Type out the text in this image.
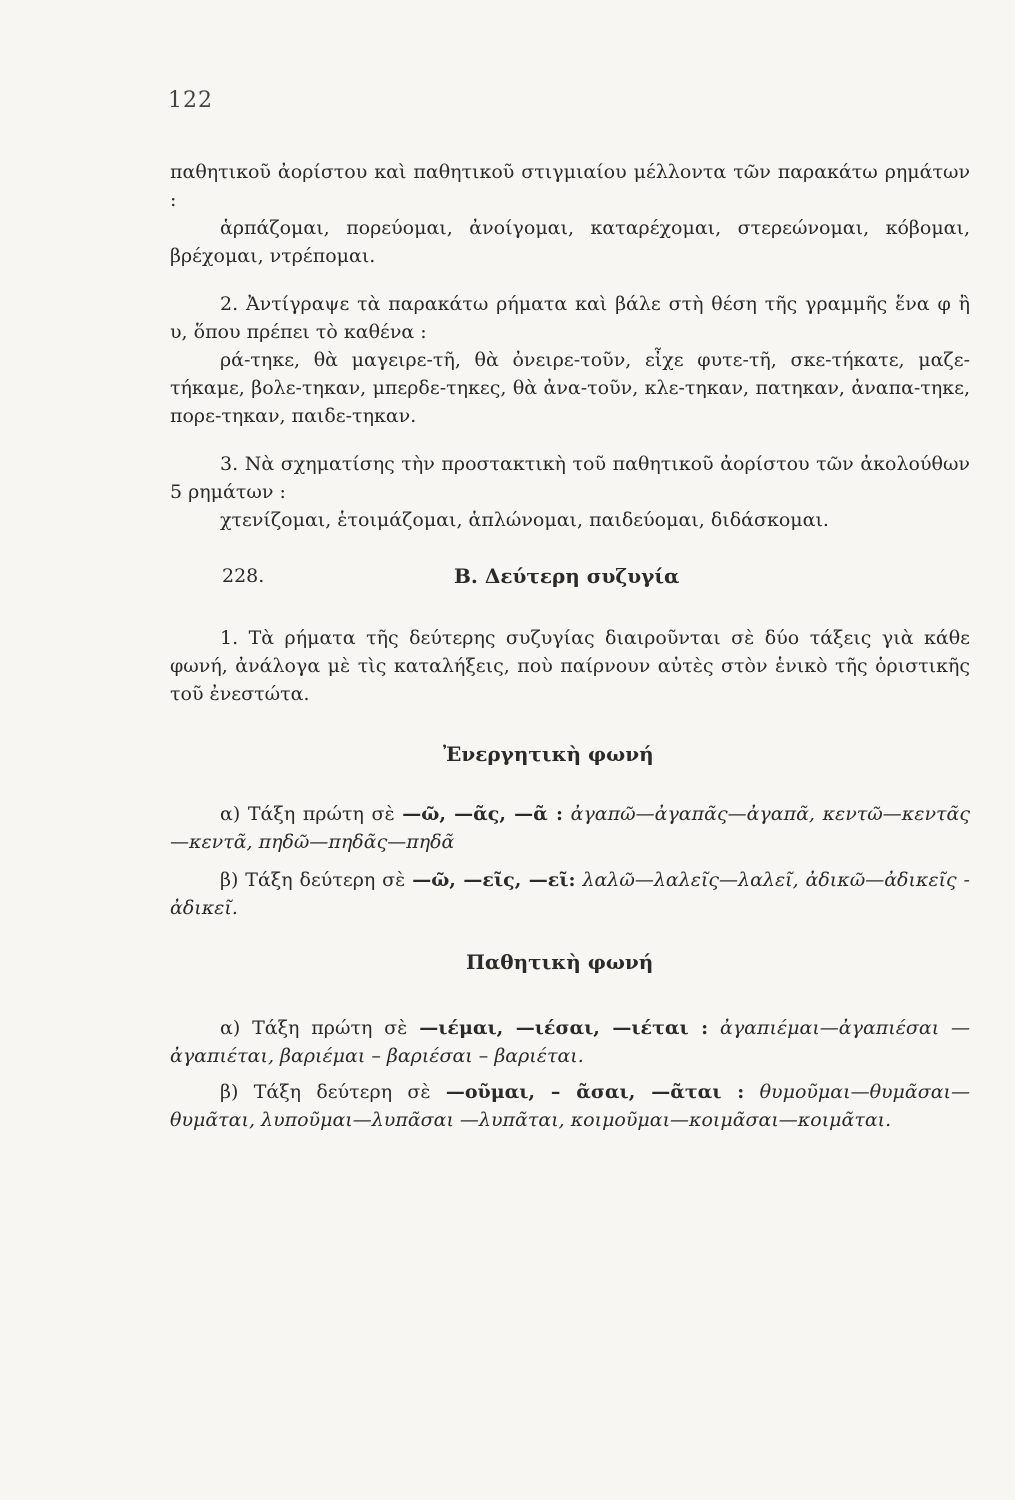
122
παθητικοῦ ἀορίστου καὶ παθητικοῦ στιγμιαίου μέλλοντα τῶν παρακάτω ρημάτων :
ἁρπάζομαι, πορεύομαι, ἀνοίγομαι, καταρέχομαι, στερεώνομαι, κόβομαι, βρέχομαι, ντρέπομαι.
2. Ἀντίγραψε τὰ παρακάτω ρήματα καὶ βάλε στὴ θέση τῆς γραμμῆς ἕνα φ ἢ υ, ὅπου πρέπει τὸ καθένα :
ρά-τηκε, θὰ μαγειρε-τῆ, θὰ ὀνειρε-τοῦν, εἶχε φυτε-τῆ, σκε-τήκατε, μαζε-τήκαμε, βολε-τηκαν, μπερδε-τηκες, θὰ ἀνα-τοῦν, κλε-τηκαν, πατηκαν, ἀναπα-τηκε, πορε-τηκαν, παιδε-τηκαν.
3. Νὰ σχηματίσης τὴν προστακτικὴ τοῦ παθητικοῦ ἀορίστου τῶν ἀκολούθων 5 ρημάτων :
χτενίζομαι, ἑτοιμάζομαι, ἁπλώνομαι, παιδεύομαι, διδάσκομαι.
228.	Β. Δεύτερη συζυγία
1. Τὰ ρήματα τῆς δεύτερης συζυγίας διαιροῦνται σὲ δύο τάξεις γιὰ κάθε φωνή, ἀνάλογα μὲ τὶς καταλήξεις, ποὺ παίρνουν αὐτὲς στὸν ἑνικὸ τῆς ὁριστικῆς τοῦ ἐνεστώτα.
Ἐνεργητικὴ φωνή
α) Τάξη πρώτη σὲ —ῶ, —ᾶς, —ᾶ : ἀγαπῶ—ἀγαπᾶς—ἀγαπᾶ, κεντῶ—κεντᾶς—κεντᾶ, πηδῶ—πηδᾶς—πηδᾶ
β) Τάξη δεύτερη σὲ —ῶ, —εῖς, —εῖ: λαλῶ—λαλεῖς—λαλεῖ, ἀδικῶ—ἀδικεῖς - ἀδικεῖ.
Παθητικὴ φωνή
α) Τάξη πρώτη σὲ —ιέμαι, —ιέσαι, —ιέται : ἀγαπιέμαι—ἀγαπιέσαι —ἀγαπιέται, βαριέμαι – βαριέσαι – βαριέται.
β) Τάξη δεύτερη σὲ —οῦμαι, – ᾶσαι, —ᾶται : θυμοῦμαι—θυμᾶσαι—θυμᾶται, λυποῦμαι—λυπᾶσαι —λυπᾶται, κοιμοῦμαι—κοιμᾶσαι—κοιμᾶται.
